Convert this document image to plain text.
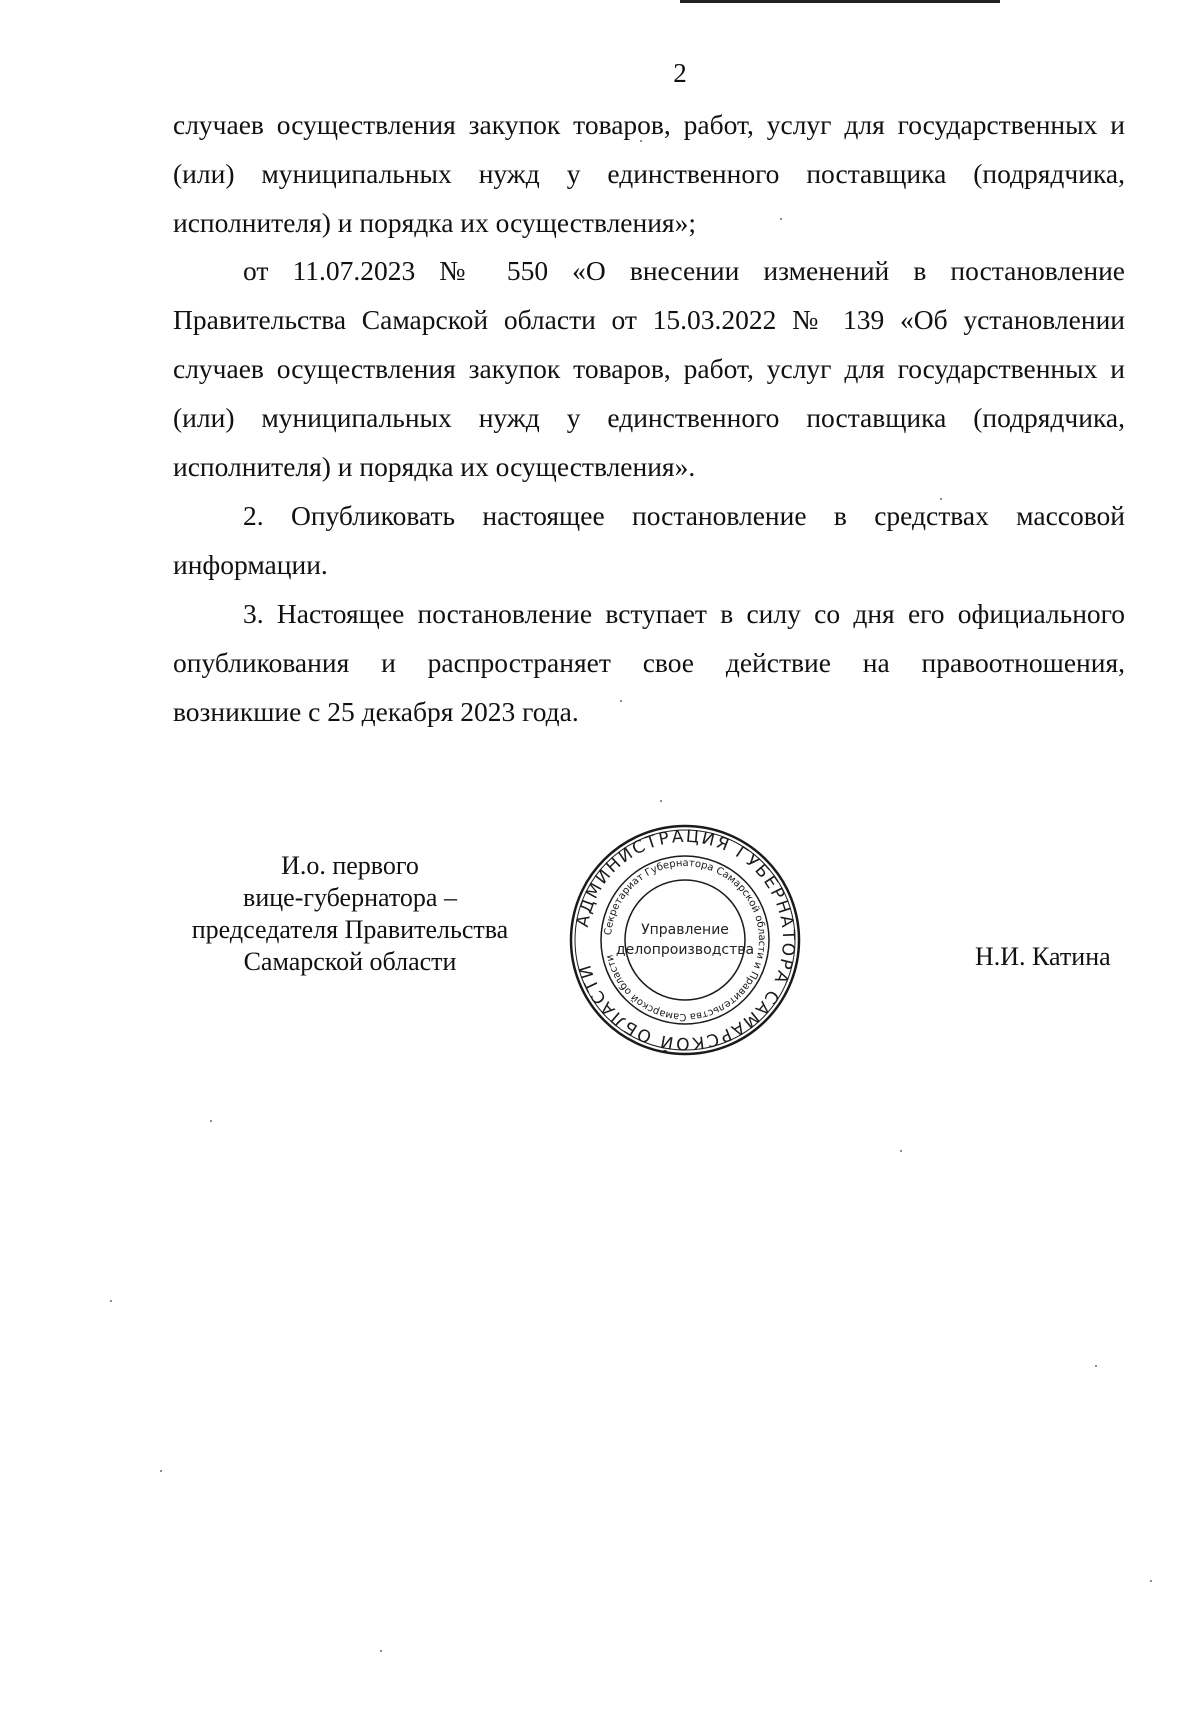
2
случаев осуществления закупок товаров, работ, услуг для государственных и
(или) муниципальных нужд у единственного поставщика (подрядчика,
исполнителя) и порядка их осуществления»;
от 11.07.2023 № 550 «О внесении изменений в постановление
Правительства Самарской области от 15.03.2022 № 139 «Об установлении
случаев осуществления закупок товаров, работ, услуг для государственных и
(или) муниципальных нужд у единственного поставщика (подрядчика,
исполнителя) и порядка их осуществления».
2. Опубликовать настоящее постановление в средствах массовой
информации.
3. Настоящее постановление вступает в силу со дня его официального
опубликования и распространяет свое действие на правоотношения,
возникшие с 25 декабря 2023 года.
И.о. первого
вице-губернатора –
председателя Правительства
Самарской области
АДМИНИСТРАЦИЯ ГУБЕРНАТОРА САМАРСКОЙ ОБЛАСТИ
Секретариат Губернатора Самарской области и Правительства Самарской области
Управление
делопроизводства	Н.И. Катина
